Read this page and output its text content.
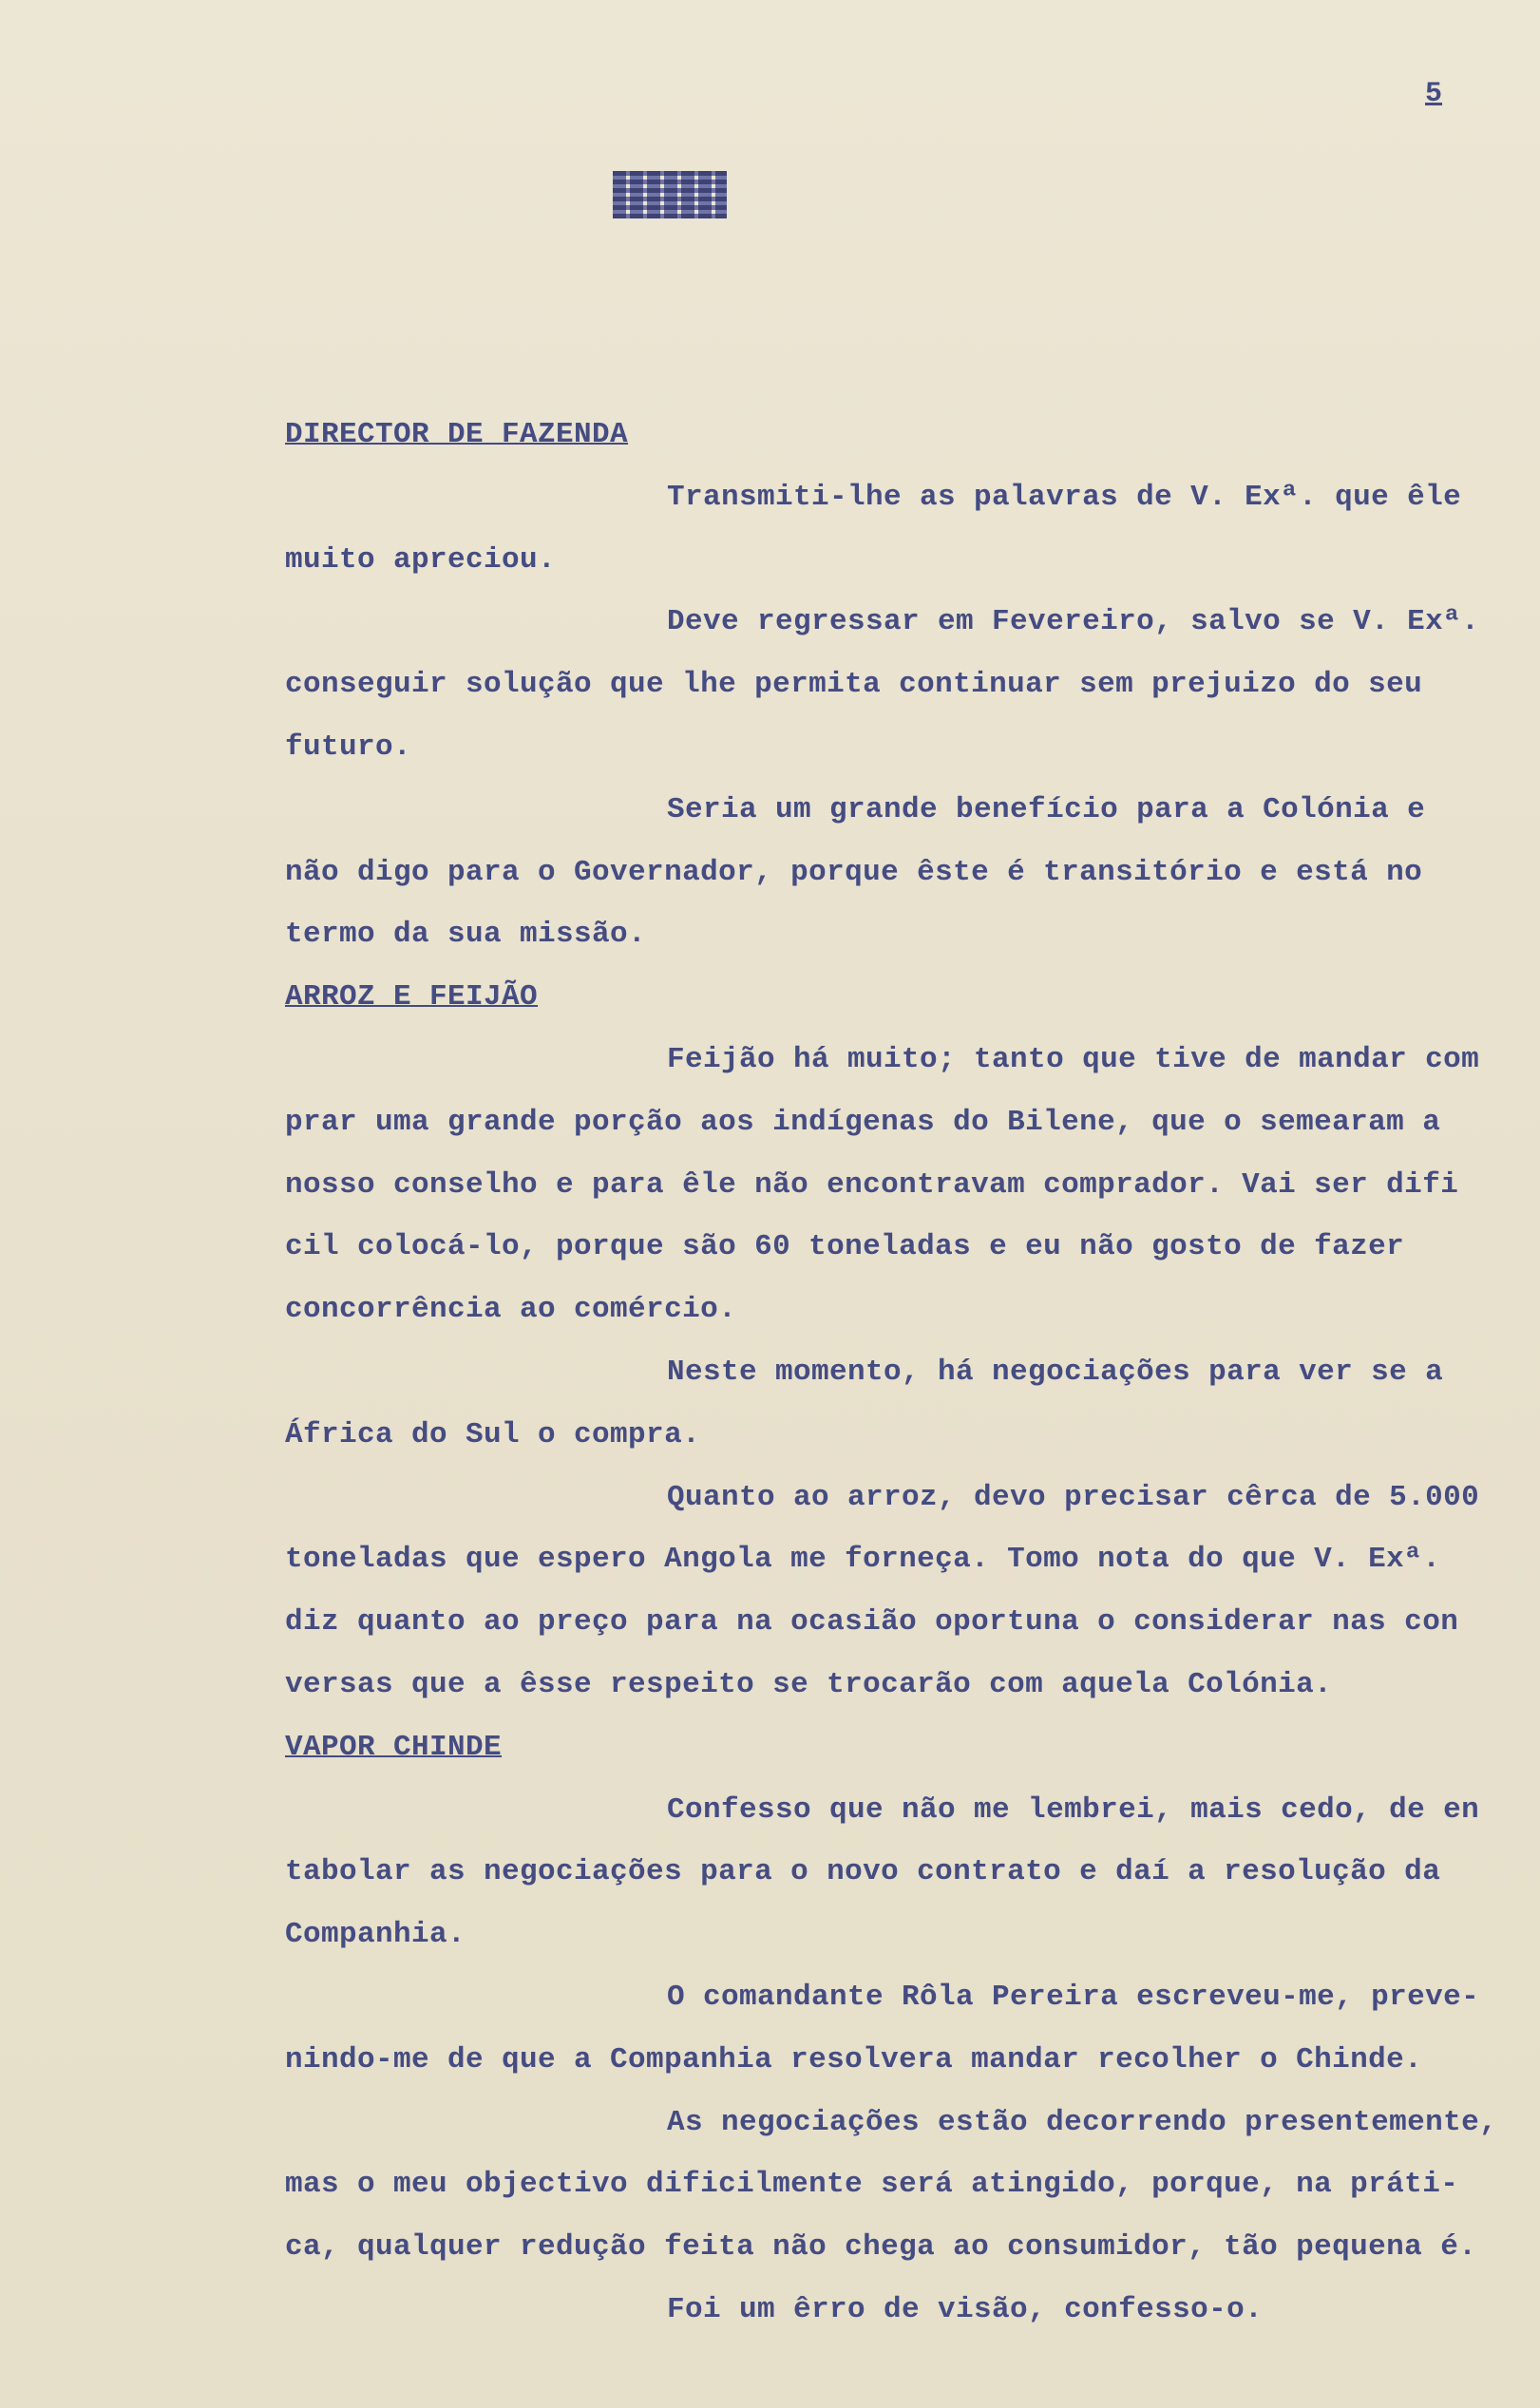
5
DIRECTOR DE FAZENDA
Transmiti-lhe as palavras de V. Exª. que êle
muito apreciou.
Deve regressar em Fevereiro, salvo se V. Exª.
conseguir solução que lhe permita continuar sem prejuizo do seu
futuro.
Seria um grande benefício para a Colónia e
não digo para o Governador, porque êste é transitório e está no
termo da sua missão.
ARROZ E FEIJÃO
Feijão há muito; tanto que tive de mandar com
prar uma grande porção aos indígenas do Bilene, que o semearam a
nosso conselho e para êle não encontravam comprador. Vai ser difi
cil colocá-lo, porque são 60 toneladas e eu não gosto de fazer
concorrência ao comércio.
Neste momento, há negociações para ver se a
África do Sul o compra.
Quanto ao arroz, devo precisar cêrca de 5.000
toneladas que espero Angola me forneça. Tomo nota do que V. Exª.
diz quanto ao preço para na ocasião oportuna o considerar nas con
versas que a êsse respeito se trocarão com aquela Colónia.
VAPOR CHINDE
Confesso que não me lembrei, mais cedo, de en
tabolar as negociações para o novo contrato e daí a resolução da
Companhia.
O comandante Rôla Pereira escreveu-me, preve-
nindo-me de que a Companhia resolvera mandar recolher o Chinde.
As negociações estão decorrendo presentemente,
mas o meu objectivo dificilmente será atingido, porque, na práti-
ca, qualquer redução feita não chega ao consumidor, tão pequena é.
Foi um êrro de visão, confesso-o.
